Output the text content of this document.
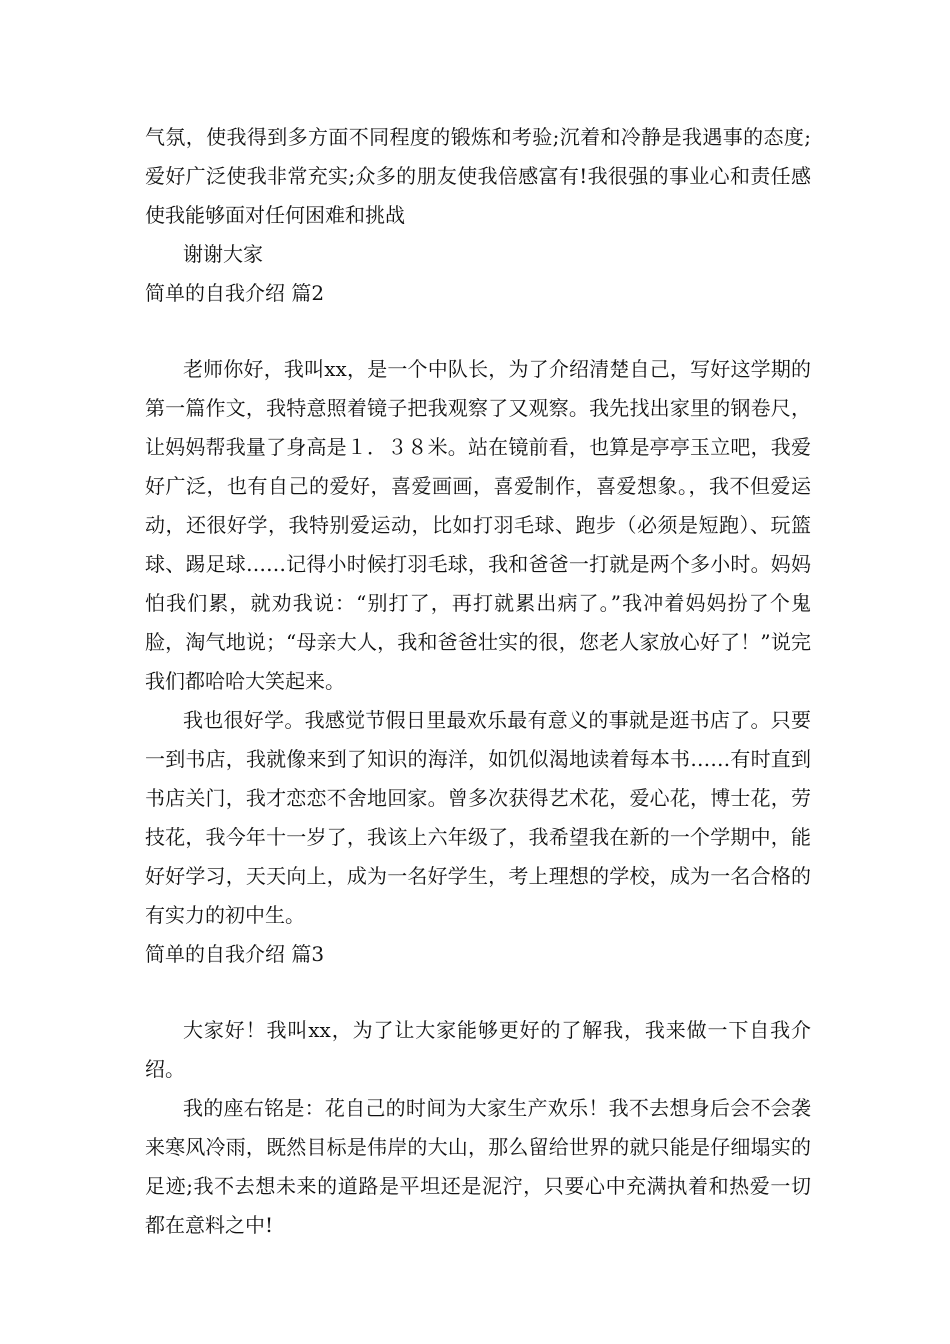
气氛，使我得到多方面不同程度的锻炼和考验;沉着和冷静是我遇事的态度;爱好广泛使我非常充实;众多的朋友使我倍感富有!我很强的事业心和责任感使我能够面对任何困难和挑战

谢谢大家

简单的自我介绍 篇2

老师你好，我叫xx，是一个中队长，为了介绍清楚自己，写好这学期的第一篇作文，我特意照着镜子把我观察了又观察。我先找出家里的钢卷尺，让妈妈帮我量了身高是１．３８米。站在镜前看，也算是亭亭玉立吧，我爱好广泛，也有自己的爱好，喜爱画画，喜爱制作，喜爱想象。，我不但爱运动，还很好学，我特别爱运动，比如打羽毛球、跑步（必须是短跑）、玩篮球、踢足球……记得小时候打羽毛球，我和爸爸一打就是两个多小时。妈妈怕我们累，就劝我说：“别打了，再打就累出病了。”我冲着妈妈扮了个鬼脸，淘气地说；“母亲大人，我和爸爸壮实的很，您老人家放心好了！”说完我们都哈哈大笑起来。

我也很好学。我感觉节假日里最欢乐最有意义的事就是逛书店了。只要一到书店，我就像来到了知识的海洋，如饥似渴地读着每本书……有时直到书店关门，我才恋恋不舍地回家。曾多次获得艺术花，爱心花，博士花，劳技花，我今年十一岁了，我该上六年级了，我希望我在新的一个学期中，能好好学习，天天向上，成为一名好学生，考上理想的学校，成为一名合格的有实力的初中生。

简单的自我介绍 篇3

大家好！我叫xx，为了让大家能够更好的了解我，我来做一下自我介绍。

我的座右铭是：花自己的时间为大家生产欢乐！我不去想身后会不会袭来寒风冷雨，既然目标是伟岸的大山，那么留给世界的就只能是仔细塌实的足迹;我不去想未来的道路是平坦还是泥泞，只要心中充满执着和热爱一切都在意料之中!
